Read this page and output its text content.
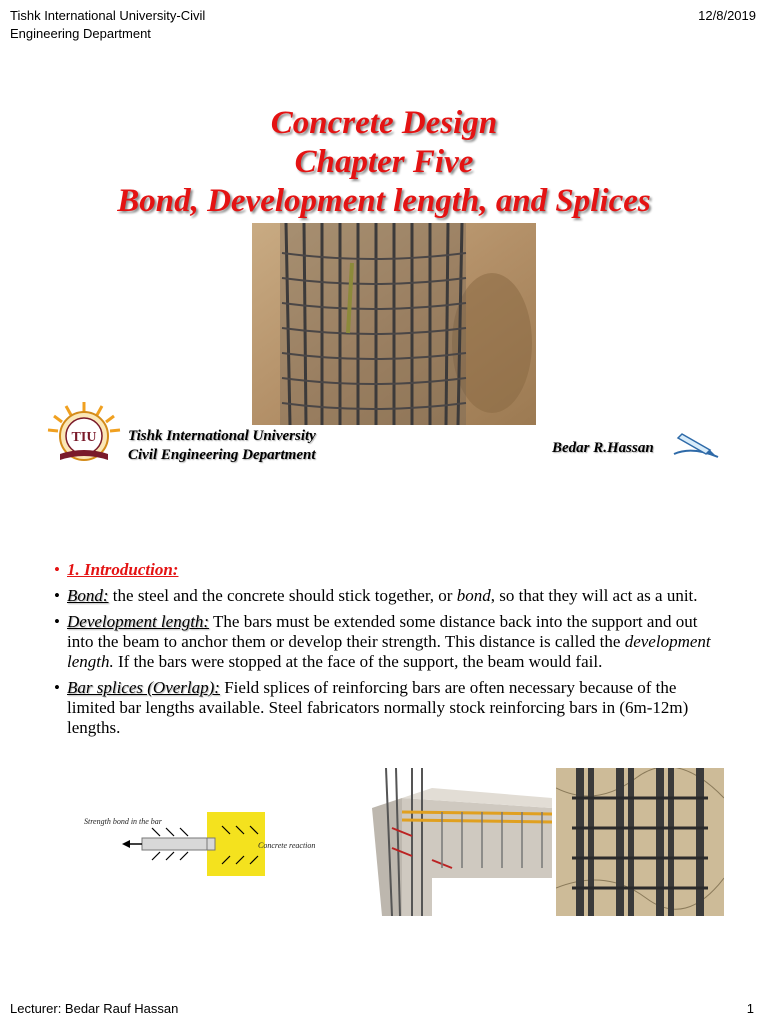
Tishk International University-Civil
Engineering Department
12/8/2019
Concrete Design
Chapter Five
Bond, Development length, and Splices
TIU Tishk International University
Civil Engineering Department	Bedar R.Hassan
• 1. Introduction:
• Bond: the steel and the concrete should stick together, or bond, so that they will act as a unit.
• Development length: The bars must be extended some distance back into the support and out into the beam to anchor them or develop their strength. This distance is called the development length. If the bars were stopped at the face of the support, the beam would fail.
• Bar splices (Overlap): Field splices of reinforcing bars are often necessary because of the limited bar lengths available. Steel fabricators normally stock reinforcing bars in (6m-12m) lengths.
Strength bond in the bar
Concrete reaction
Lecturer: Bedar Rauf Hassan	1
